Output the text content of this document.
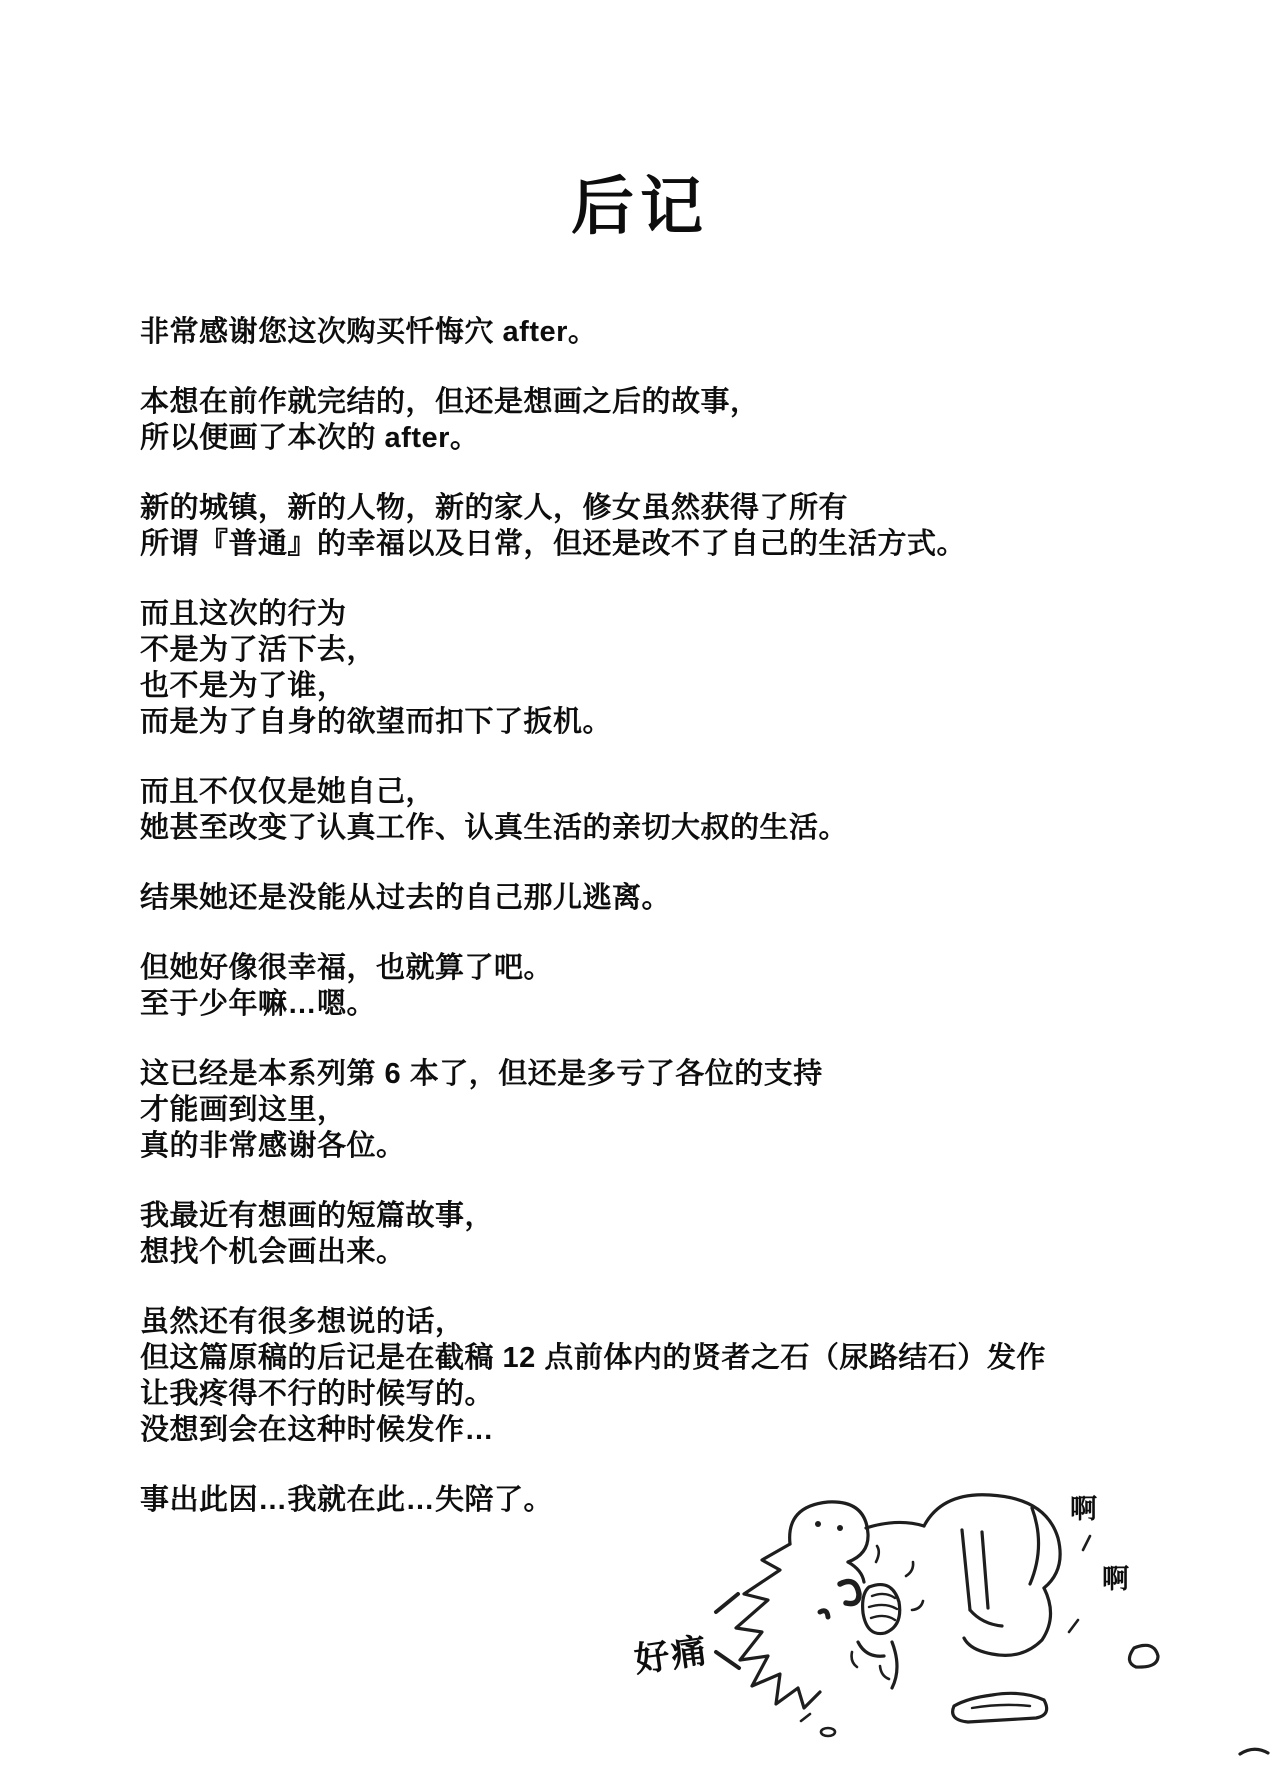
后记

非常感谢您这次购买忏悔穴 after。

本想在前作就完结的，但还是想画之后的故事，
所以便画了本次的 after。

新的城镇，新的人物，新的家人，修女虽然获得了所有
所谓『普通』的幸福以及日常，但还是改不了自己的生活方式。

而且这次的行为
不是为了活下去，
也不是为了谁，
而是为了自身的欲望而扣下了扳机。

而且不仅仅是她自己，
她甚至改变了认真工作、认真生活的亲切大叔的生活。

结果她还是没能从过去的自己那儿逃离。

但她好像很幸福，也就算了吧。
至于少年嘛…嗯。

这已经是本系列第 6 本了，但还是多亏了各位的支持
才能画到这里，
真的非常感谢各位。

我最近有想画的短篇故事，
想找个机会画出来。

虽然还有很多想说的话，
但这篇原稿的后记是在截稿 12 点前体内的贤者之石（尿路结石）发作
让我疼得不行的时候写的。
没想到会在这种时候发作…

事出此因…我就在此…失陪了。

好痛
啊
啊
